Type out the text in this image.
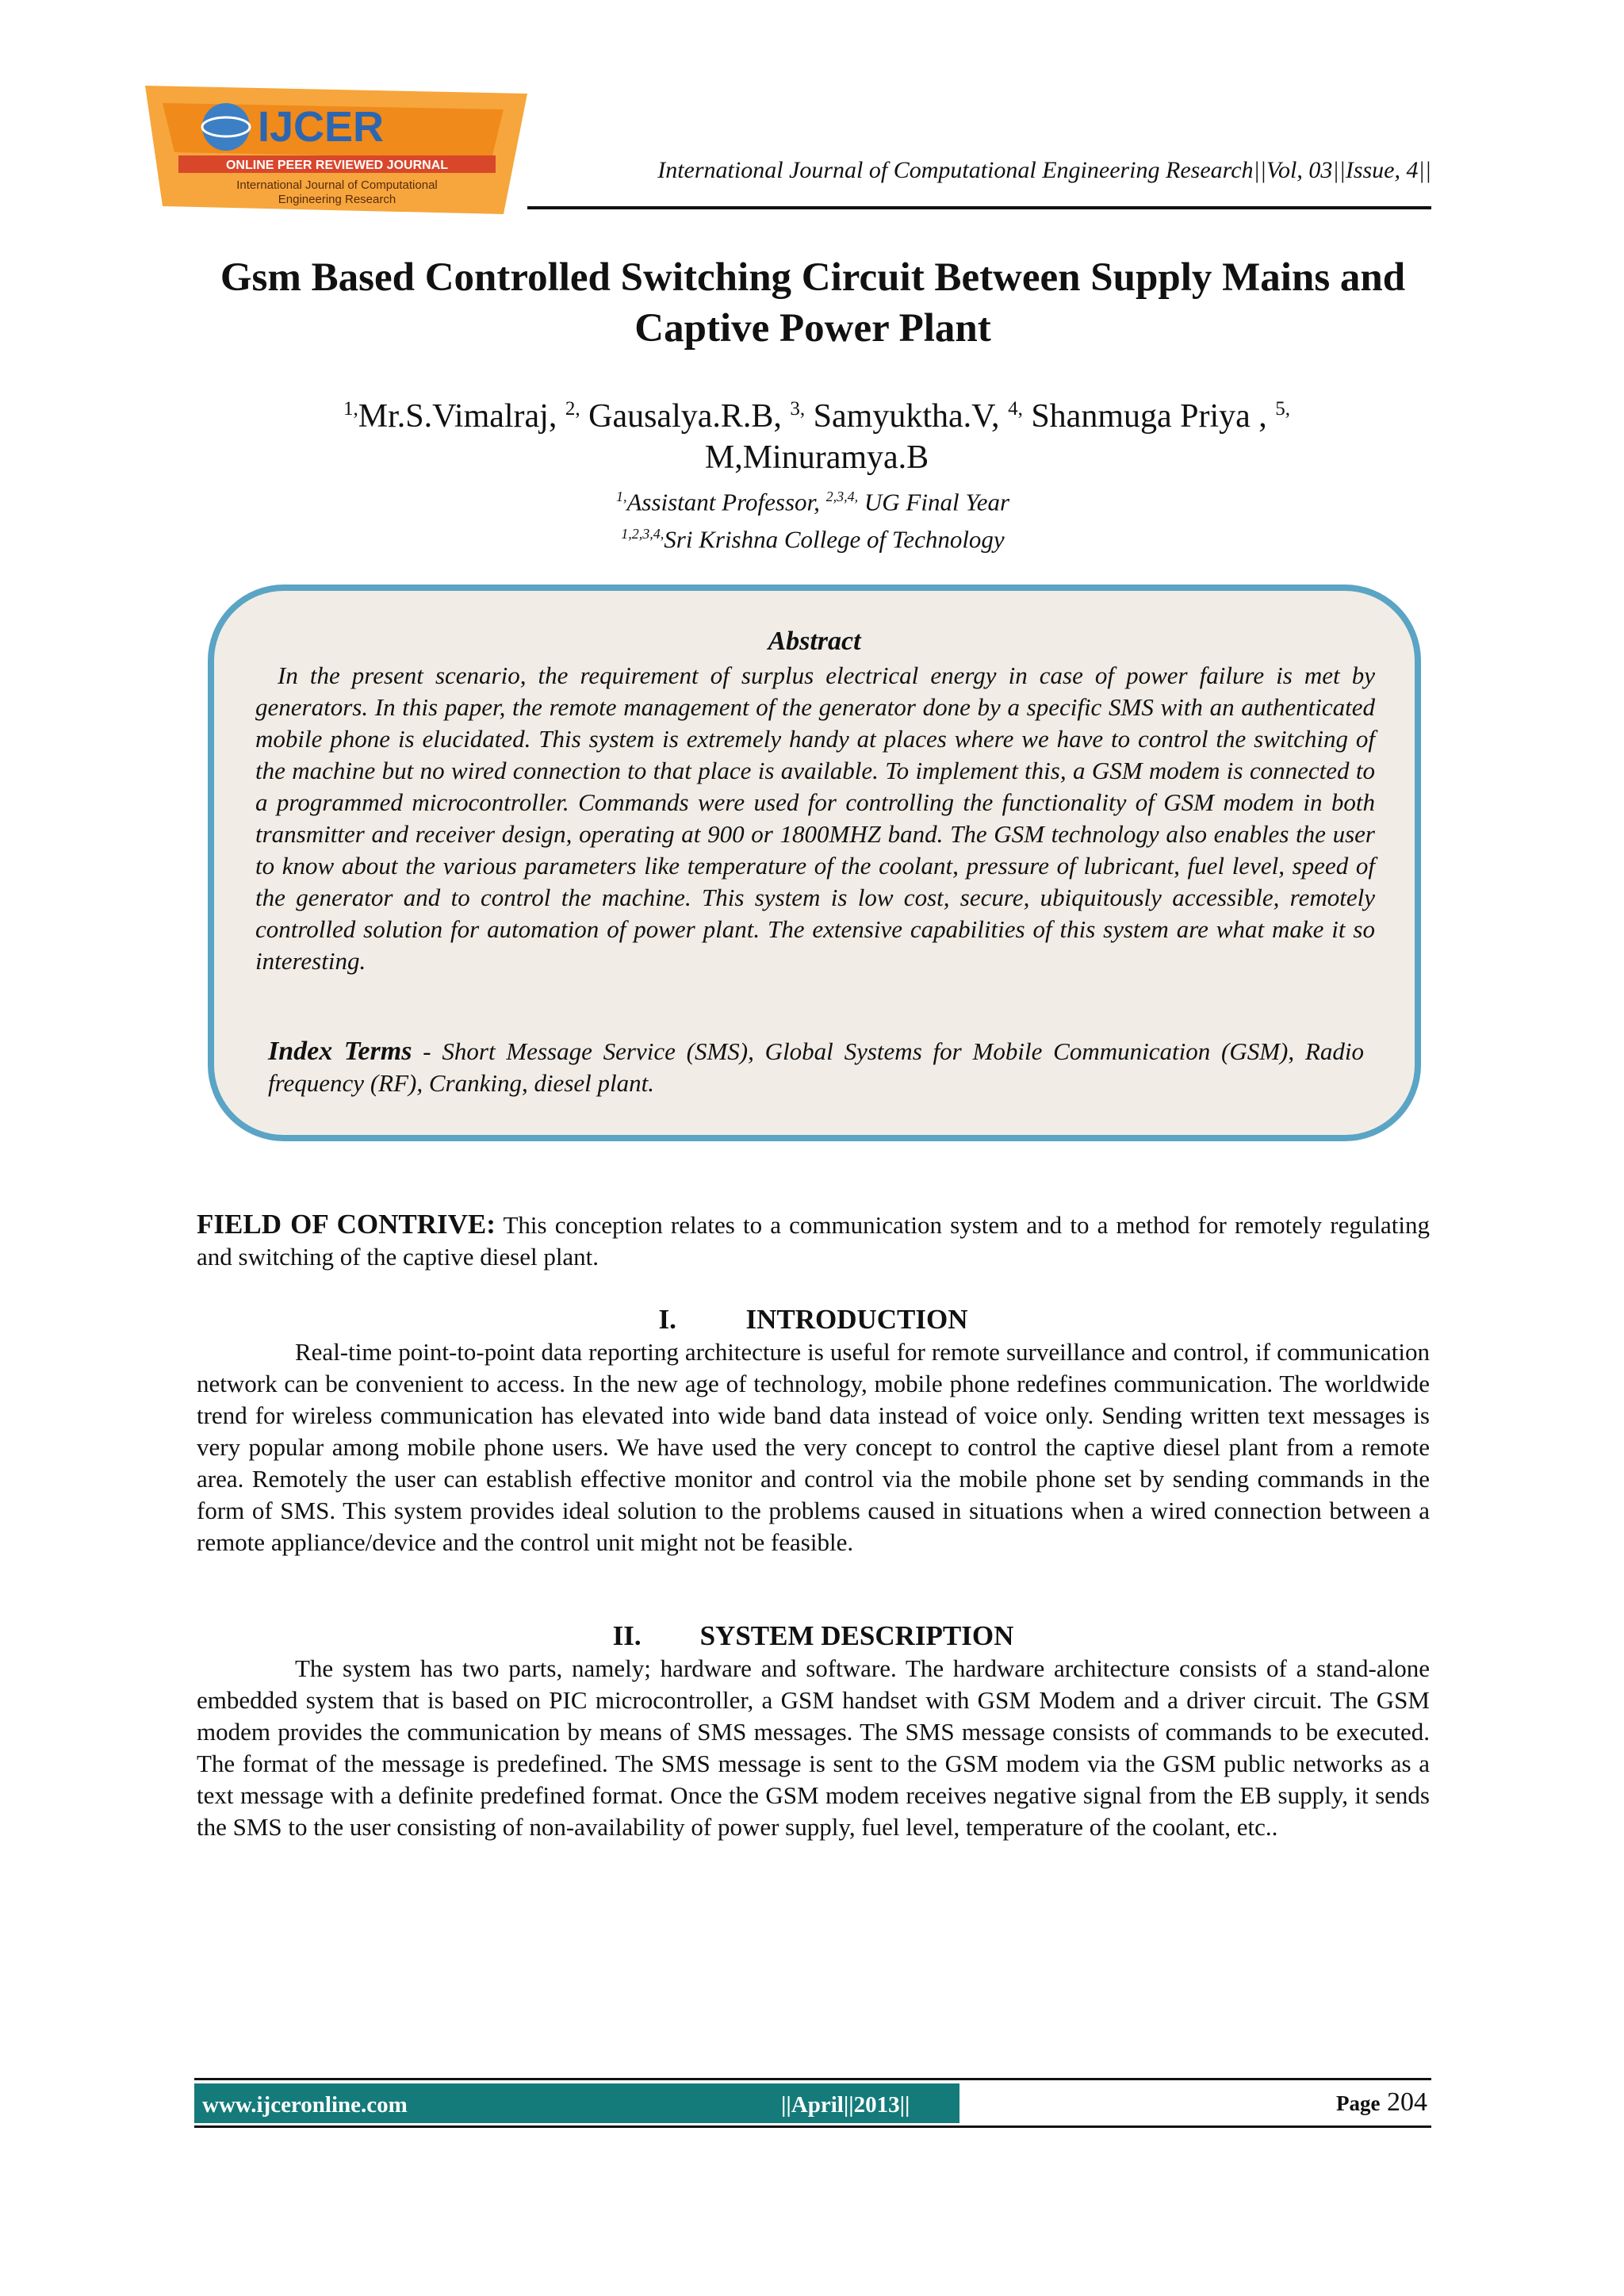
IJCER
ONLINE PEER REVIEWED JOURNAL
International Journal of Computational
Engineering Research
International Journal of Computational Engineering Research||Vol, 03||Issue, 4||
Gsm Based Controlled Switching Circuit Between Supply Mains and Captive Power Plant
$^{1,}$Mr.S.Vimalraj, $^{2,}$ Gausalya.R.B, $^{3,}$ Samyuktha.V, $^{4,}$ Shanmuga Priya , $^{5,}$
M,Minuramya.B
$^{1,}$Assistant Professor, $^{2,3,4,}$ UG Final Year
$^{1,2,3,4,}$Sri Krishna College of Technology
Abstract
In the present scenario, the requirement of surplus electrical energy in case of power failure is met by generators. In this paper, the remote management of the generator done by a specific SMS with an authenticated mobile phone is elucidated. This system is extremely handy at places where we have to control the switching of the machine but no wired connection to that place is available. To implement this, a GSM modem is connected to a programmed microcontroller. Commands were used for controlling the functionality of GSM modem in both transmitter and receiver design, operating at 900 or 1800MHZ band. The GSM technology also enables the user to know about the various parameters like temperature of the coolant, pressure of lubricant, fuel level, speed of the generator and to control the machine. This system is low cost, secure, ubiquitously accessible, remotely controlled solution for automation of power plant. The extensive capabilities of this system are what make it so interesting.
Index Terms - Short Message Service (SMS), Global Systems for Mobile Communication (GSM), Radio frequency (RF), Cranking, diesel plant.
FIELD OF CONTRIVE: This conception relates to a communication system and to a method for remotely regulating and switching of the captive diesel plant.
I.	INTRODUCTION
Real-time point-to-point data reporting architecture is useful for remote surveillance and control, if communication network can be convenient to access. In the new age of technology, mobile phone redefines communication. The worldwide trend for wireless communication has elevated into wide band data instead of voice only. Sending written text messages is very popular among mobile phone users. We have used the very concept to control the captive diesel plant from a remote area. Remotely the user can establish effective monitor and control via the mobile phone set by sending commands in the form of SMS. This system provides ideal solution to the problems caused in situations when a wired connection between a remote appliance/device and the control unit might not be feasible.
II. SYSTEM DESCRIPTION
The system has two parts, namely; hardware and software. The hardware architecture consists of a stand-alone embedded system that is based on PIC microcontroller, a GSM handset with GSM Modem and a driver circuit. The GSM modem provides the communication by means of SMS messages. The SMS message consists of commands to be executed. The format of the message is predefined. The SMS message is sent to the GSM modem via the GSM public networks as a text message with a definite predefined format. Once the GSM modem receives negative signal from the EB supply, it sends the SMS to the user consisting of non-availability of power supply, fuel level, temperature of the coolant, etc..
www.ijceronline.com	||April||2013||	Page 204
